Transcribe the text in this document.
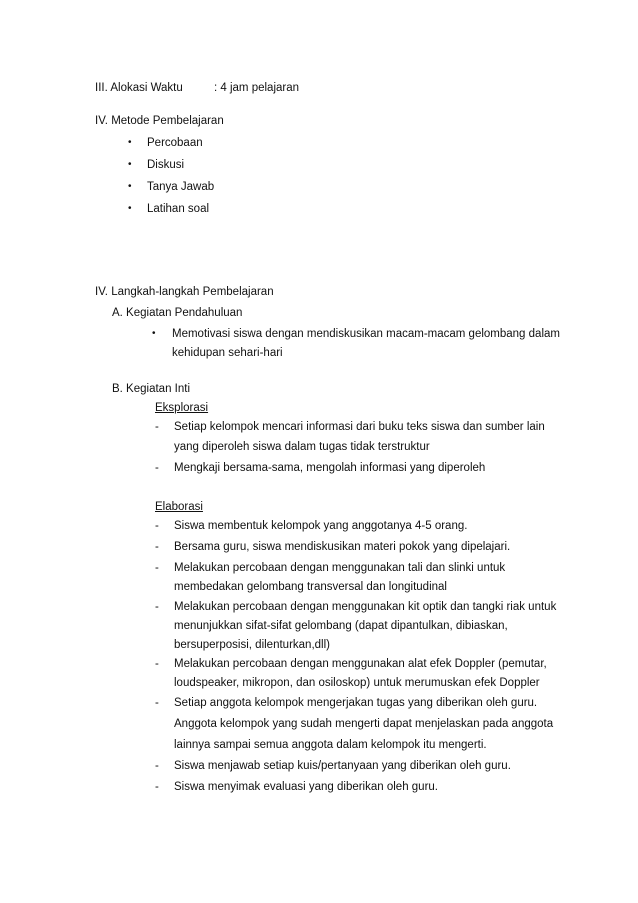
III. Alokasi Waktu	: 4 jam pelajaran
IV. Metode Pembelajaran
• Percobaan
• Diskusi
• Tanya Jawab
• Latihan soal
IV. Langkah-langkah Pembelajaran
A. Kegiatan Pendahuluan
• Memotivasi siswa dengan mendiskusikan macam-macam gelombang dalam
kehidupan sehari-hari
B. Kegiatan Inti
Eksplorasi
- Setiap kelompok mencari informasi dari buku teks siswa dan sumber lain
yang diperoleh siswa dalam tugas tidak terstruktur
- Mengkaji bersama-sama, mengolah informasi yang diperoleh
Elaborasi
- Siswa membentuk kelompok yang anggotanya 4-5 orang.
- Bersama guru, siswa mendiskusikan materi pokok yang dipelajari.
- Melakukan percobaan dengan menggunakan tali dan slinki untuk
membedakan gelombang transversal dan longitudinal
- Melakukan percobaan dengan menggunakan kit optik dan tangki riak untuk
menunjukkan sifat-sifat gelombang (dapat dipantulkan, dibiaskan,
bersuperposisi, dilenturkan,dll)
- Melakukan percobaan dengan menggunakan alat efek Doppler (pemutar,
loudspeaker, mikropon, dan osiloskop) untuk merumuskan efek Doppler
- Setiap anggota kelompok mengerjakan tugas yang diberikan oleh guru.
Anggota kelompok yang sudah mengerti dapat menjelaskan pada anggota
lainnya sampai semua anggota dalam kelompok itu mengerti.
- Siswa menjawab setiap kuis/pertanyaan yang diberikan oleh guru.
- Siswa menyimak evaluasi yang diberikan oleh guru.
